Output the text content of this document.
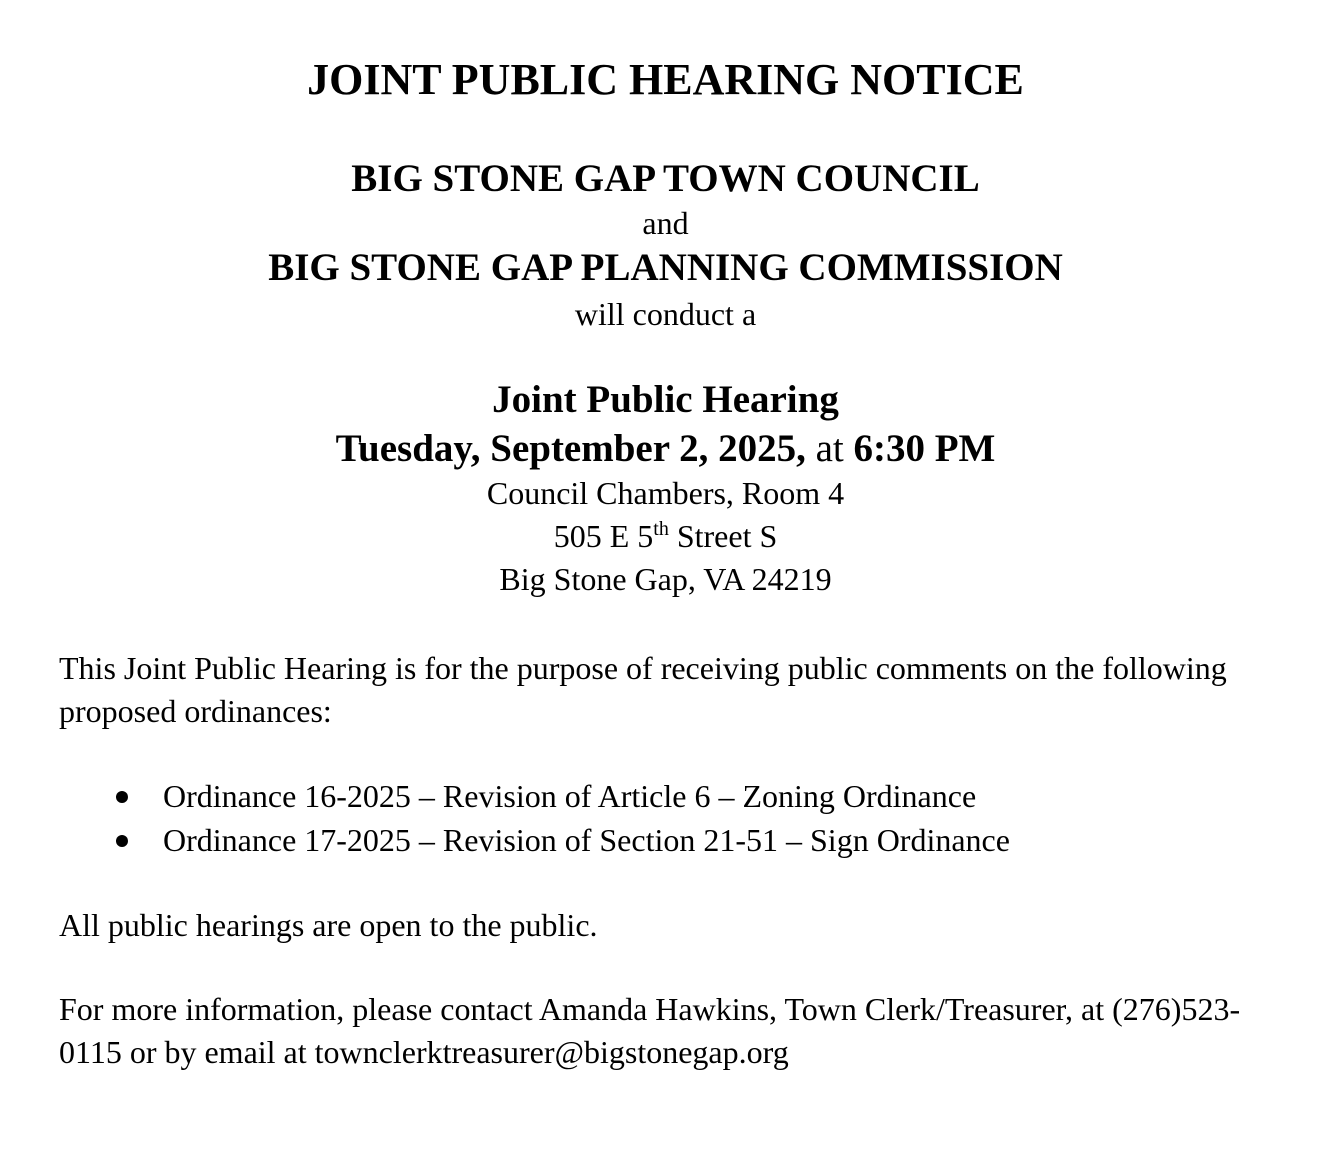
JOINT PUBLIC HEARING NOTICE
BIG STONE GAP TOWN COUNCIL
and
BIG STONE GAP PLANNING COMMISSION
will conduct a
Joint Public Hearing
Tuesday, September 2, 2025, at 6:30 PM
Council Chambers, Room 4
505 E 5th Street S
Big Stone Gap, VA 24219
This Joint Public Hearing is for the purpose of receiving public comments on the following proposed ordinances:
Ordinance 16-2025 – Revision of Article 6 – Zoning Ordinance
Ordinance 17-2025 – Revision of Section 21-51 – Sign Ordinance
All public hearings are open to the public.
For more information, please contact Amanda Hawkins, Town Clerk/Treasurer, at (276)523-0115 or by email at townclerktreasurer@bigstonegap.org
